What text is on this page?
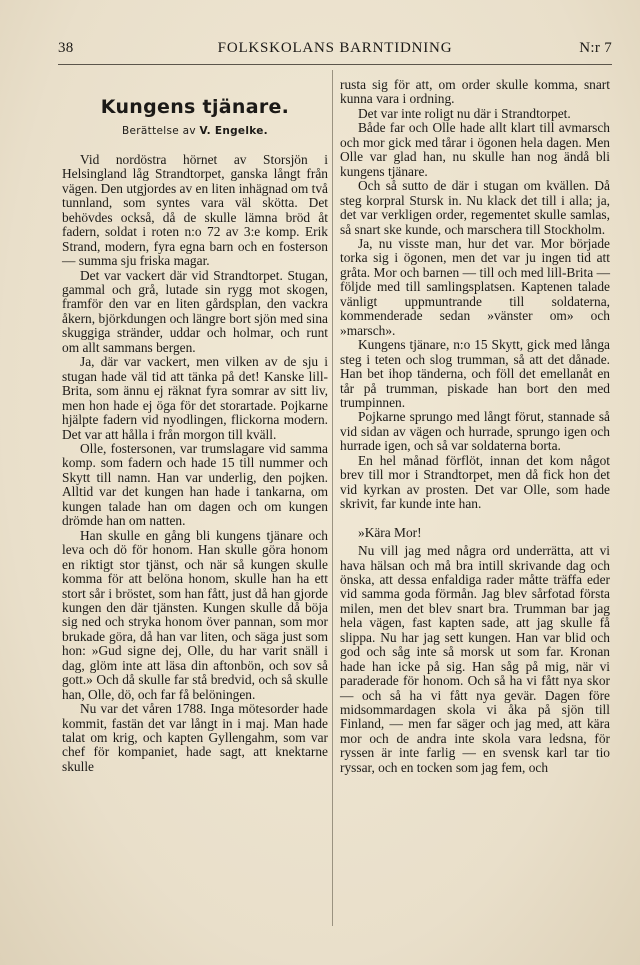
38	FOLKSKOLANS BARNTIDNING	N:r 7
Kungens tjänare.
Berättelse av V. Engelke.

Vid nordöstra hörnet av Storsjön i Helsingland låg Strandtorpet, ganska långt från vägen. Den utgjordes av en liten inhägnad om två tunnland, som syntes vara väl skötta. Det behövdes också, då de skulle lämna bröd åt fadern, soldat i roten n:o 72 av 3:e komp. Erik Strand, modern, fyra egna barn och en fosterson — summa sju friska magar.

Det var vackert där vid Strandtorpet. Stugan, gammal och grå, lutade sin rygg mot skogen, framför den var en liten gårdsplan, den vackra åkern, björkdungen och längre bort sjön med sina skuggiga stränder, uddar och holmar, och runt om allt sammans bergen.

Ja, där var vackert, men vilken av de sju i stugan hade väl tid att tänka på det! Kanske lill-Brita, som ännu ej räknat fyra somrar av sitt liv, men hon hade ej öga för det storartade. Pojkarne hjälpte fadern vid nyodlingen, flickorna modern. Det var att hålla i från morgon till kväll.

Olle, fostersonen, var trumslagare vid samma komp. som fadern och hade 15 till nummer och Skytt till namn. Han var underlig, den pojken. Alltid var det kungen han hade i tankarna, om kungen talade han om dagen och om kungen drömde han om natten.

Han skulle en gång bli kungens tjänare och leva och dö för honom. Han skulle göra honom en riktigt stor tjänst, och när så kungen skulle komma för att belöna honom, skulle han ha ett stort sår i bröstet, som han fått, just då han gjorde kungen den där tjänsten. Kungen skulle då böja sig ned och stryka honom över pannan, som mor brukade göra, då han var liten, och säga just som hon: »Gud signe dej, Olle, du har varit snäll i dag, glöm inte att läsa din aftonbön, och sov så gott.» Och då skulle far stå bredvid, och så skulle han, Olle, dö, och far få belöningen.

Nu var det våren 1788. Inga mötesorder hade kommit, fastän det var långt in i maj. Man hade talat om krig, och kapten Gyllengahm, som var chef för kompaniet, hade sagt, att knektarne skulle

rusta sig för att, om order skulle komma, snart kunna vara i ordning.

Det var inte roligt nu där i Strandtorpet.

Både far och Olle hade allt klart till avmarsch och mor gick med tårar i ögonen hela dagen. Men Olle var glad han, nu skulle han nog ändå bli kungens tjänare.

Och så sutto de där i stugan om kvällen. Då steg korpral Stursk in. Nu klack det till i alla; ja, det var verkligen order, regementet skulle samlas, så snart ske kunde, och marschera till Stockholm.

Ja, nu visste man, hur det var. Mor började torka sig i ögonen, men det var ju ingen tid att gråta. Mor och barnen — till och med lill-Brita — följde med till samlingsplatsen. Kaptenen talade vänligt uppmuntrande till soldaterna, kommenderade sedan »vänster om» och »marsch».

Kungens tjänare, n:o 15 Skytt, gick med långa steg i teten och slog trumman, så att det dånade. Han bet ihop tänderna, och föll det emellanåt en tår på trumman, piskade han bort den med trumpinnen.

Pojkarne sprungo med långt förut, stannade så vid sidan av vägen och hurrade, sprungo igen och hurrade igen, och så var soldaterna borta.

En hel månad förflöt, innan det kom något brev till mor i Strandtorpet, men då fick hon det vid kyrkan av prosten. Det var Olle, som hade skrivit, far kunde inte han.

»Kära Mor!

Nu vill jag med några ord underrätta, att vi hava hälsan och må bra intill skrivande dag och önska, att dessa enfaldiga rader måtte träffa eder vid samma goda förmån. Jag blev sårfotad första milen, men det blev snart bra. Trumman bar jag hela vägen, fast kapten sade, att jag skulle få slippa. Nu har jag sett kungen. Han var blid och god och såg inte så morsk ut som far. Kronan hade han icke på sig. Han såg på mig, när vi paraderade för honom. Och så ha vi fått nya skor — och så ha vi fått nya gevär. Dagen före midsommardagen skola vi åka på sjön till Finland, — men far säger och jag med, att kära mor och de andra inte skola vara ledsna, för ryssen är inte farlig — en svensk karl tar tio ryssar, och en tocken som jag fem, och
